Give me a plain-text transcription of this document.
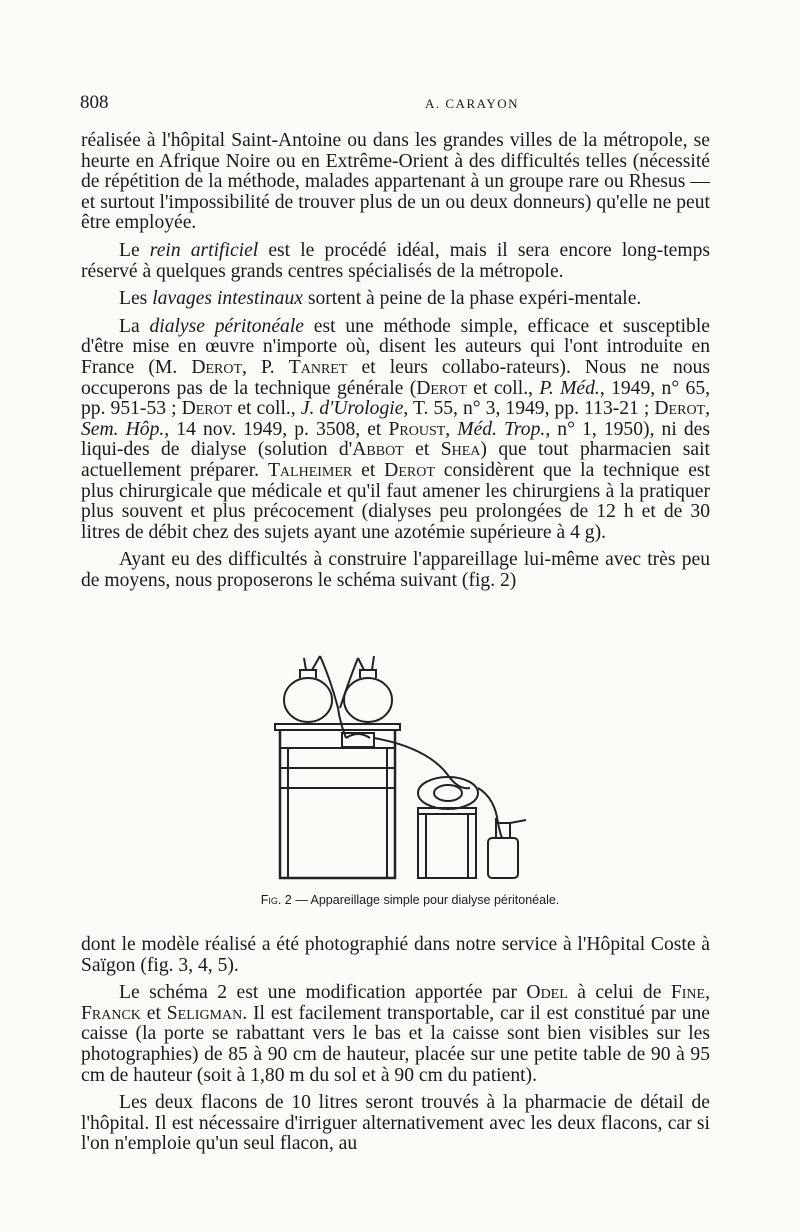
808	A. CARAYON

réalisée à l'hôpital Saint-Antoine ou dans les grandes villes de la métropole, se heurte en Afrique Noire ou en Extrême-Orient à des difficultés telles (nécessité de répétition de la méthode, malades appartenant à un groupe rare ou Rhesus — et surtout l'impossibilité de trouver plus de un ou deux donneurs) qu'elle ne peut être employée.

Le rein artificiel est le procédé idéal, mais il sera encore long-temps réservé à quelques grands centres spécialisés de la métropole.

Les lavages intestinaux sortent à peine de la phase expéri-mentale.

La dialyse péritonéale est une méthode simple, efficace et susceptible d'être mise en œuvre n'importe où, disent les auteurs qui l'ont introduite en France (M. Derot, P. Tanret et leurs collabo-rateurs). Nous ne nous occuperons pas de la technique générale (Derot et coll., P. Méd., 1949, n° 65, pp. 951-53 ; Derot et coll., J. d'Urologie, T. 55, n° 3, 1949, pp. 113-21 ; Derot, Sem. Hôp., 14 nov. 1949, p. 3508, et Proust, Méd. Trop., n° 1, 1950), ni des liqui-des de dialyse (solution d'Abbot et Shea) que tout pharmacien sait actuellement préparer. Talheimer et Derot considèrent que la technique est plus chirurgicale que médicale et qu'il faut amener les chirurgiens à la pratiquer plus souvent et plus précocement (dialyses peu prolongées de 12 h et de 30 litres de débit chez des sujets ayant une azotémie supérieure à 4 g).

Ayant eu des difficultés à construire l'appareillage lui-même avec très peu de moyens, nous proposerons le schéma suivant (fig. 2)

Fig. 2 — Appareillage simple pour dialyse péritonéale.

dont le modèle réalisé a été photographié dans notre service à l'Hôpital Coste à Saïgon (fig. 3, 4, 5).

Le schéma 2 est une modification apportée par Odel à celui de Fine, Franck et Seligman. Il est facilement transportable, car il est constitué par une caisse (la porte se rabattant vers le bas et la caisse sont bien visibles sur les photographies) de 85 à 90 cm de hauteur, placée sur une petite table de 90 à 95 cm de hauteur (soit à 1,80 m du sol et à 90 cm du patient).

Les deux flacons de 10 litres seront trouvés à la pharmacie de détail de l'hôpital. Il est nécessaire d'irriguer alternativement avec les deux flacons, car si l'on n'emploie qu'un seul flacon, au
